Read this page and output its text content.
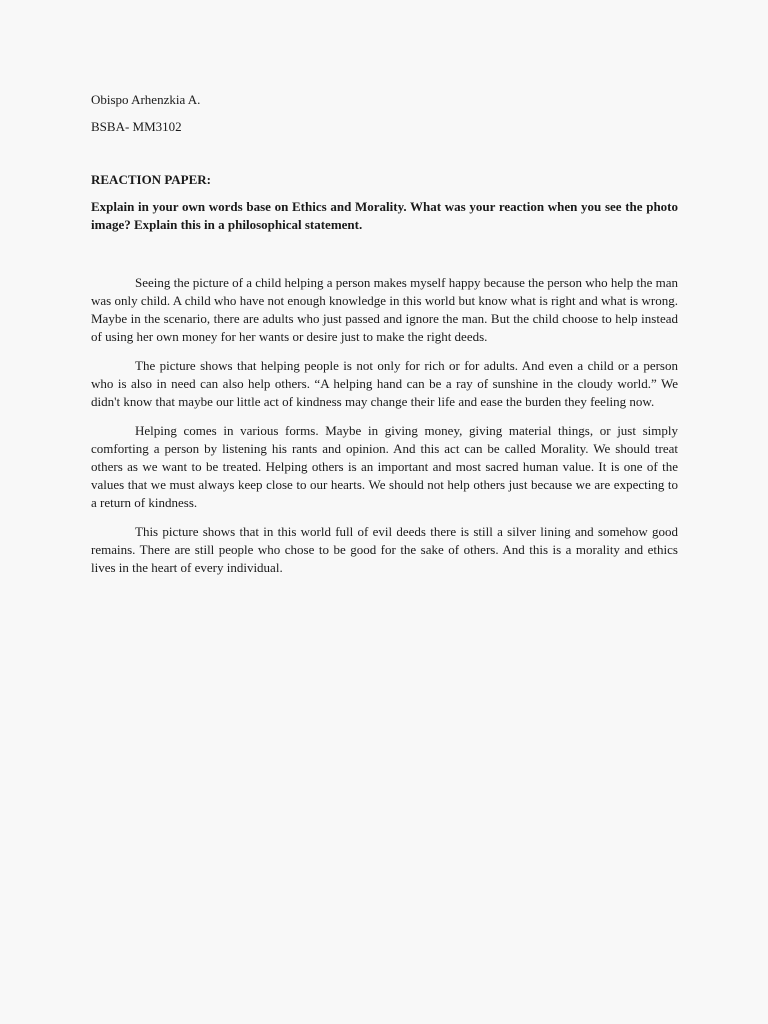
Obispo Arhenzkia A.

BSBA- MM3102

REACTION PAPER:

Explain in your own words base on Ethics and Morality. What was your reaction when you see the photo image? Explain this in a philosophical statement.

Seeing the picture of a child helping a person makes myself happy because the person who help the man was only child. A child who have not enough knowledge in this world but know what is right and what is wrong. Maybe in the scenario, there are adults who just passed and ignore the man. But the child choose to help instead of using her own money for her wants or desire just to make the right deeds.

The picture shows that helping people is not only for rich or for adults. And even a child or a person who is also in need can also help others. “A helping hand can be a ray of sunshine in the cloudy world.” We didn't know that maybe our little act of kindness may change their life and ease the burden they feeling now.

Helping comes in various forms. Maybe in giving money, giving material things, or just simply comforting a person by listening his rants and opinion. And this act can be called Morality. We should treat others as we want to be treated. Helping others is an important and most sacred human value. It is one of the values that we must always keep close to our hearts. We should not help others just because we are expecting to a return of kindness.

This picture shows that in this world full of evil deeds there is still a silver lining and somehow good remains. There are still people who chose to be good for the sake of others. And this is a morality and ethics lives in the heart of every individual.
